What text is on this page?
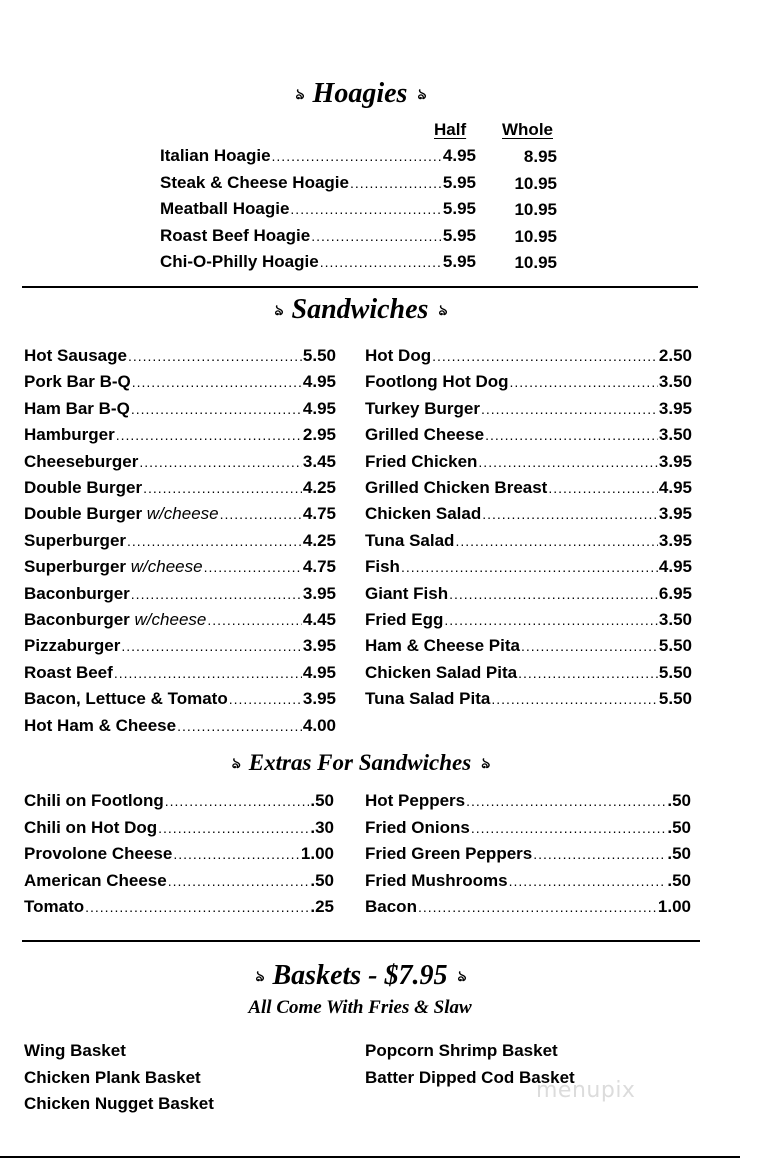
ঌ Hoagies ঌ
Half Whole
Italian Hoagie .....	4.95	8.95
Steak & Cheese Hoagie .....	5.95	10.95
Meatball Hoagie .....	5.95	10.95
Roast Beef Hoagie .....	5.95	10.95
Chi-O-Philly Hoagie .....	5.95	10.95
ঌ Sandwiches ঌ
Hot Sausage .....	5.50
Pork Bar B-Q .....	4.95
Ham Bar B-Q .....	4.95
Hamburger .....	2.95
Cheeseburger .....	3.45
Double Burger .....	4.25
Double Burger w/cheese .....	4.75
Superburger .....	4.25
Superburger w/cheese .....	4.75
Baconburger .....	3.95
Baconburger w/cheese .....	4.45
Pizzaburger .....	3.95
Roast Beef .....	4.95
Bacon, Lettuce & Tomato .....	3.95
Hot Ham & Cheese .....	4.00
Hot Dog .....	2.50
Footlong Hot Dog .....	3.50
Turkey Burger .....	3.95
Grilled Cheese .....	3.50
Fried Chicken .....	3.95
Grilled Chicken Breast .....	4.95
Chicken Salad .....	3.95
Tuna Salad .....	3.95
Fish .....	4.95
Giant Fish .....	6.95
Fried Egg .....	3.50
Ham & Cheese Pita .....	5.50
Chicken Salad Pita .....	5.50
Tuna Salad Pita .....	5.50
ঌ Extras For Sandwiches ঌ
Chili on Footlong .....	.50
Chili on Hot Dog .....	.30
Provolone Cheese .....	1.00
American Cheese .....	.50
Tomato .....	.25
Hot Peppers .....	.50
Fried Onions .....	.50
Fried Green Peppers .....	.50
Fried Mushrooms .....	.50
Bacon .....	1.00
ঌ Baskets - $7.95 ঌ
All Come With Fries & Slaw
Wing Basket
Chicken Plank Basket
Chicken Nugget Basket
Popcorn Shrimp Basket
Batter Dipped Cod Basket
menupix
